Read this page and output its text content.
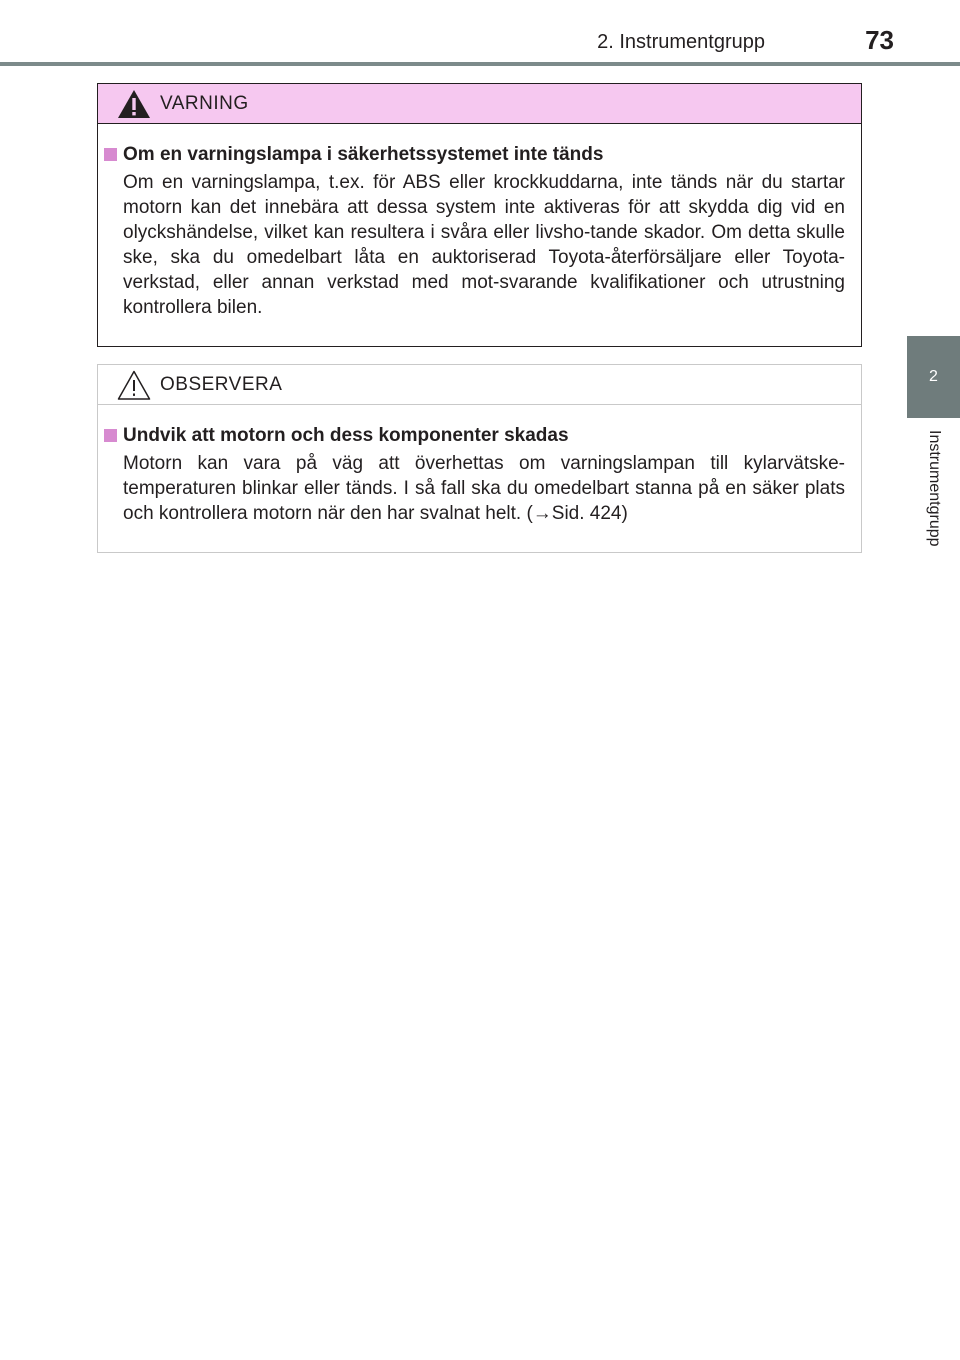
2. Instrumentgrupp	73
2
Instrumentgrupp
VARNING
Om en varningslampa i säkerhetssystemet inte tänds

Om en varningslampa, t.ex. för ABS eller krockkuddarna, inte tänds när du startar motorn kan det innebära att dessa system inte aktiveras för att skydda dig vid en olyckshändelse, vilket kan resultera i svåra eller livsho-tande skador. Om detta skulle ske, ska du omedelbart låta en auktoriserad Toyota-återförsäljare eller Toyota-verkstad, eller annan verkstad med mot-svarande kvalifikationer och utrustning kontrollera bilen.

OBSERVERA
Undvik att motorn och dess komponenter skadas

Motorn kan vara på väg att överhettas om varningslampan till kylarvätske-temperaturen blinkar eller tänds. I så fall ska du omedelbart stanna på en säker plats och kontrollera motorn när den har svalnat helt. (→Sid. 424)
